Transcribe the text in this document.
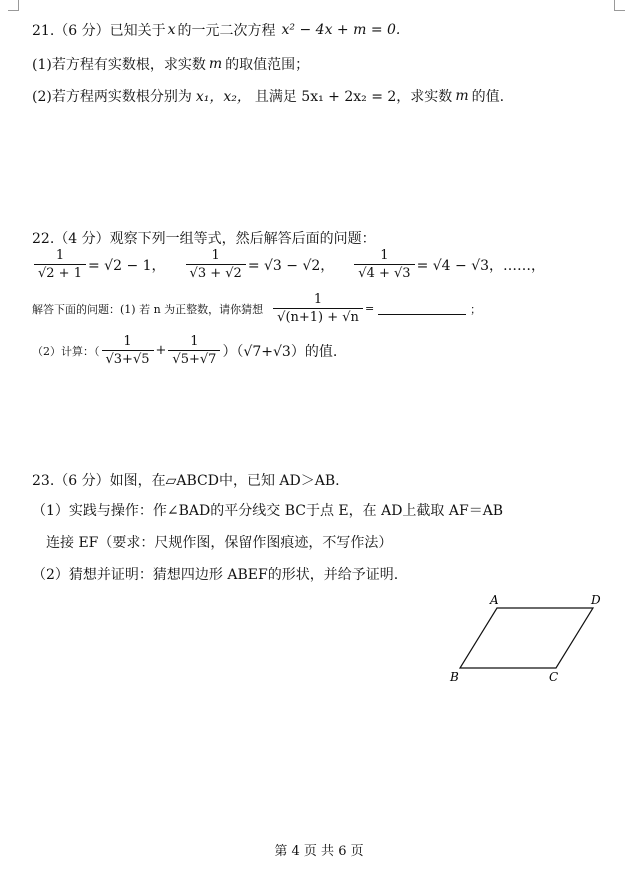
21.（6 分）已知关于 x 的一元二次方程 x² − 4x + m = 0.
(1)若方程有实数根，求实数 m 的取值范围；
(2)若方程两实数根分别为 x₁，x₂， 且满足 5x₁ + 2x₂ = 2，求实数 m 的值.
22.（4 分）观察下列一组等式，然后解答后面的问题：
$\frac{1}{√2 + 1} = √2 - 1$， $\frac{1}{√3 + √2} = √3 - √2$， $\frac{1}{√4 + √3} = √4 - √3$，……，
解答下面的问题：(1) 若 n 为正整数，请你猜想 $\frac{1}{√(n+1) + √n}$ =	；
（2）计算：（ $\frac{1}{√3+√5} + \frac{1}{√5+√7} )(√7+√3)$的值.
23.（6 分）如图，在▱ABCD中，已知 AD＞AB.
（1）实践与操作：作∠BAD的平分线交 BC于点 E，在 AD上截取 AF＝AB
连接 EF（要求：尺规作图，保留作图痕迹，不写作法）
（2）猜想并证明：猜想四边形 ABEF的形状，并给予证明.
A	D
B	C
第 4 页 共 6 页
